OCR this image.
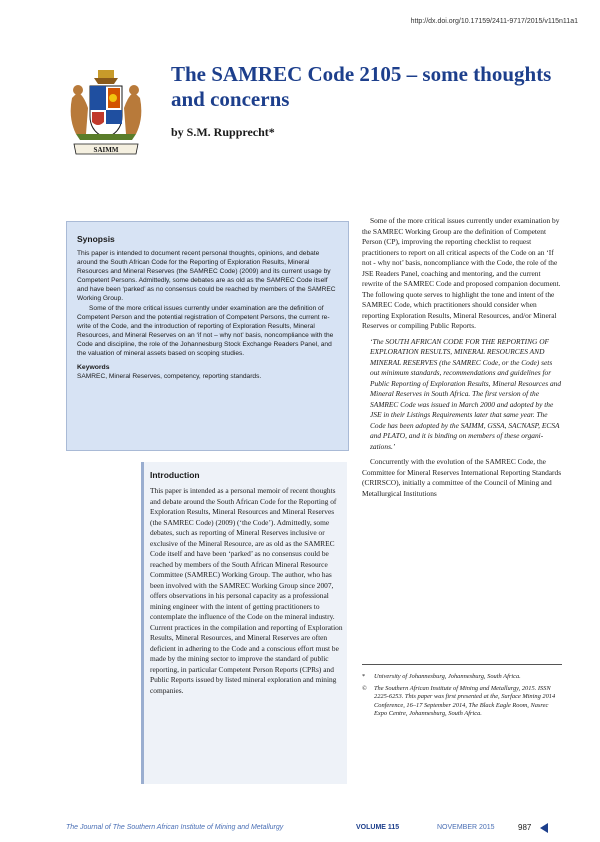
http://dx.doi.org/10.17159/2411-9717/2015/v115n11a1
SAIMM
The SAMREC Code 2105 – some thoughts and concerns

by S.M. Rupprecht*

Synopsis

This paper is intended to document recent personal thoughts, opinions, and debate around the South African Code for the Reporting of Exploration Results, Mineral Resources and Mineral Reserves (the SAMREC Code) (2009) and its current usage by Competent Persons. Admittedly, some debates are as old as the SAMREC Code itself and have been ‘parked’ as no consensus could be reached by members of the SAMREC Working Group.

Some of the more critical issues currently under examination are the definition of Competent Person and the potential registration of Competent Persons, the current re-write of the Code, and the introduction of reporting of Exploration Results, Mineral Resources, and Mineral Reserves on an ‘if not – why not’ basis, noncompliance with the Code and discipline, the role of the Johannesburg Stock Exchange Readers Panel, and the valuation of mineral assets based on scoping studies.

Keywords

SAMREC, Mineral Reserves, competency, reporting standards.

Introduction

This paper is intended as a personal memoir of recent thoughts and debate around the South African Code for the Reporting of Exploration Results, Mineral Resources and Mineral Reserves (the SAMREC Code) (2009) (‘the Code’). Admittedly, some debates, such as reporting of Mineral Reserves inclusive or exclusive of the Mineral Resource, are as old as the SAMREC Code itself and have been ‘parked’ as no consensus could be reached by members of the South African Mineral Resource Committee (SAMREC) Working Group. The author, who has been involved with the SAMREC Working Group since 2007, offers observations in his personal capacity as a professional mining engineer with the intent of getting practitioners to contemplate the influence of the Code on the mineral industry. Current practices in the compilation and reporting of Exploration Results, Mineral Resources, and Mineral Reserves are often deficient in adhering to the Code and a conscious effort must be made by the mining sector to improve the standard of public reporting, in particular Competent Person Reports (CPRs) and Public Reports issued by listed mineral exploration and mining companies.

Some of the more critical issues currently under examination by the SAMREC Working Group are the definition of Competent Person (CP), improving the reporting checklist to request practitioners to report on all critical aspects of the Code on an ‘If not - why not’ basis, noncompliance with the Code, the role of the JSE Readers Panel, coaching and mentoring, and the current rewrite of the SAMREC Code and proposed companion document. The following quote serves to highlight the tone and intent of the SAMREC Code, which practitioners should consider when reporting Exploration Results, Mineral Resources, and/or Mineral Reserves or compiling Public Reports.

‘The SOUTH AFRICAN CODE FOR THE REPORTING OF EXPLORATION RESULTS, MINERAL RESOURCES AND MINERAL RESERVES (the SAMREC Code, or the Code) sets out minimum standards, recommendations and guidelines for Public Reporting of Exploration Results, Mineral Resources and Mineral Reserves in South Africa. The first version of the SAMREC Code was issued in March 2000 and adopted by the JSE in their Listings Requirements later that same year. The Code has been adopted by the SAIMM, GSSA, SACNASP, ECSA and PLATO, and it is binding on members of these organi-zations.’

Concurrently with the evolution of the SAMREC Code, the Committee for Mineral Reserves International Reporting Standards (CRIRSCO), initially a committee of the Council of Mining and Metallurgical Institutions

*	University of Johannesburg, Johannesburg, South Africa.
©	The Southern African Institute of Mining and Metallurgy, 2015. ISSN 2225-6253. This paper was first presented at the, Surface Mining 2014 Conference, 16–17 September 2014, The Black Eagle Room, Nasrec Expo Centre, Johannesburg, South Africa.
The Journal of The Southern African Institute of Mining and Metallurgy	VOLUME 115	NOVEMBER 2015	987
